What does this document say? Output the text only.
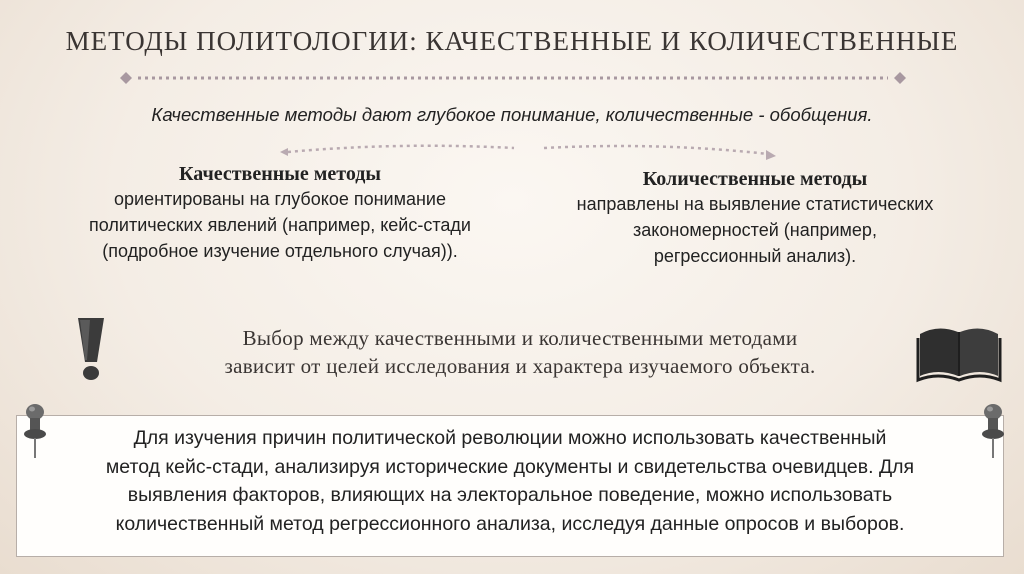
МЕТОДЫ ПОЛИТОЛОГИИ: КАЧЕСТВЕННЫЕ И КОЛИЧЕСТВЕННЫЕ
Качественные методы дают глубокое понимание, количественные - обобщения.
Качественные методы
ориентированы на глубокое понимание
политических явлений (например, кейс-стади
(подробное изучение отдельного случая)).
Количественные методы
направлены на выявление статистических
закономерностей (например,
регрессионный анализ).
Выбор между качественными и количественными методами
зависит от целей исследования и характера изучаемого объекта.
Для изучения причин политической революции можно использовать качественный
метод кейс-стади, анализируя исторические документы и свидетельства очевидцев. Для
выявления факторов, влияющих на электоральное поведение, можно использовать
количественный метод регрессионного анализа, исследуя данные опросов и выборов.
